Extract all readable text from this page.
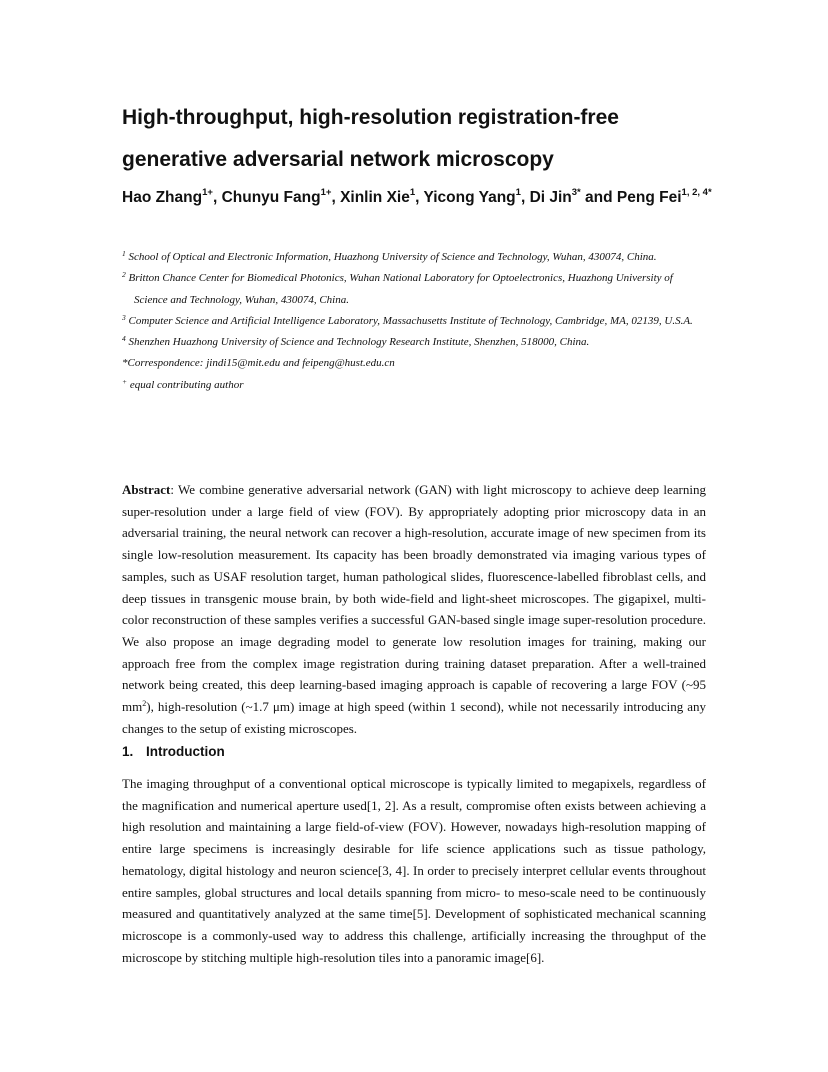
High-throughput, high-resolution registration-free
generative adversarial network microscopy

Hao Zhang$^{1+}$, Chunyu Fang$^{1+}$, Xinlin Xie$^1$, Yicong Yang$^1$, Di Jin$^{3*}$ and Peng Fei$^{1, 2, 4*}$

$^1$ School of Optical and Electronic Information, Huazhong University of Science and Technology, Wuhan, 430074, China.
$^2$ Britton Chance Center for Biomedical Photonics, Wuhan National Laboratory for Optoelectronics, Huazhong University of Science and Technology, Wuhan, 430074, China.
$^3$ Computer Science and Artificial Intelligence Laboratory, Massachusetts Institute of Technology, Cambridge, MA, 02139, U.S.A.
$^4$ Shenzhen Huazhong University of Science and Technology Research Institute, Shenzhen, 518000, China.
*Correspondence: jindi15@mit.edu and feipeng@hust.edu.cn
+ equal contributing author

Abstract: We combine generative adversarial network (GAN) with light microscopy to achieve deep learning super-resolution under a large field of view (FOV). By appropriately adopting prior microscopy data in an adversarial training, the neural network can recover a high-resolution, accurate image of new specimen from its single low-resolution measurement. Its capacity has been broadly demonstrated via imaging various types of samples, such as USAF resolution target, human pathological slides, fluorescence-labelled fibroblast cells, and deep tissues in transgenic mouse brain, by both wide-field and light-sheet microscopes. The gigapixel, multi-color reconstruction of these samples verifies a successful GAN-based single image super-resolution procedure. We also propose an image degrading model to generate low resolution images for training, making our approach free from the complex image registration during training dataset preparation. After a well-trained network being created, this deep learning-based imaging approach is capable of recovering a large FOV (~95 $mm^2$), high-resolution (~1.7 μm) image at high speed (within 1 second), while not necessarily introducing any changes to the setup of existing microscopes.

1. Introduction

The imaging throughput of a conventional optical microscope is typically limited to megapixels, regardless of the magnification and numerical aperture used[1, 2]. As a result, compromise often exists between achieving a high resolution and maintaining a large field-of-view (FOV). However, nowadays high-resolution mapping of entire large specimens is increasingly desirable for life science applications such as tissue pathology, hematology, digital histology and neuron science[3, 4]. In order to precisely interpret cellular events throughout entire samples, global structures and local details spanning from micro- to meso-scale need to be continuously measured and quantitatively analyzed at the same time[5]. Development of sophisticated mechanical scanning microscope is a commonly-used way to address this challenge, artificially increasing the throughput of the microscope by stitching multiple high-resolution tiles into a panoramic image[6].
